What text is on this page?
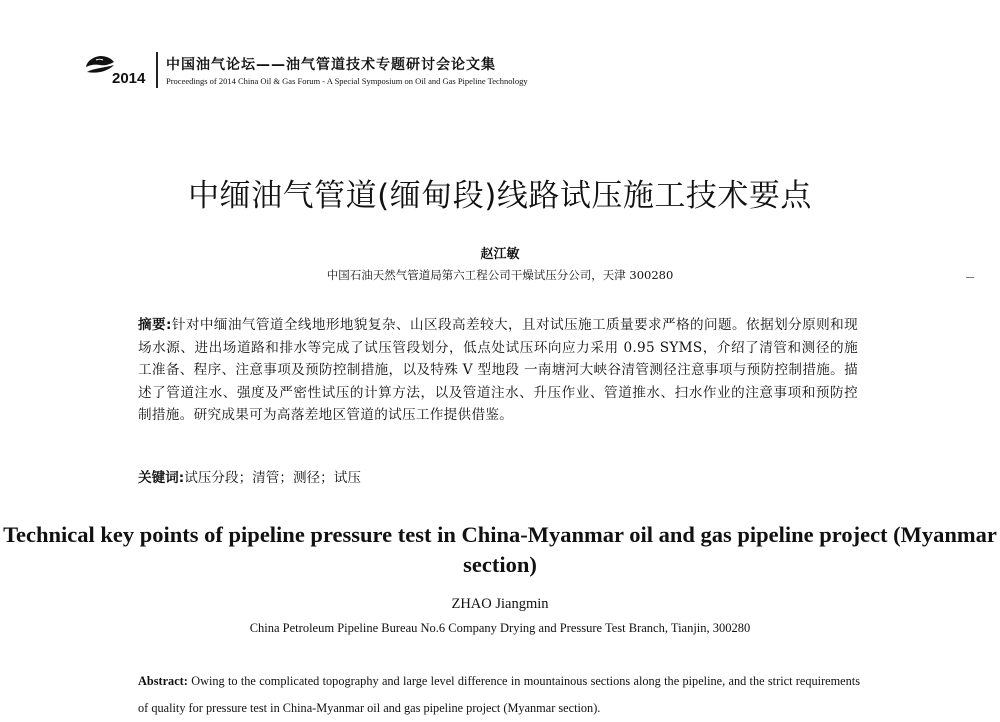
2014
中国油气论坛——油气管道技术专题研讨会论文集
Proceedings of 2014 China Oil & Gas Forum - A Special Symposium on Oil and Gas Pipeline Technology
中缅油气管道(缅甸段)线路试压施工技术要点
赵江敏
中国石油天然气管道局第六工程公司干燥试压分公司，天津 300280
摘要:针对中缅油气管道全线地形地貌复杂、山区段高差较大，且对试压施工质量要求严格的问题。依据划分原则和现场水源、进出场道路和排水等完成了试压管段划分，低点处试压环向应力采用 0.95 SYMS，介绍了清管和测径的施工准备、程序、注意事项及预防控制措施，以及特殊 V 型地段 一南塘河大峡谷清管测径注意事项与预防控制措施。描述了管道注水、强度及严密性试压的计算方法，以及管道注水、升压作业、管道推水、扫水作业的注意事项和预防控制措施。研究成果可为高落差地区管道的试压工作提供借鉴。
关键词:试压分段；清管；测径；试压
Technical key points of pipeline pressure test in China-Myanmar oil and gas pipeline project (Myanmar section)
ZHAO Jiangmin
China Petroleum Pipeline Bureau No.6 Company Drying and Pressure Test Branch, Tianjin, 300280
Abstract: Owing to the complicated topography and large level difference in mountainous sections along the pipeline, and the strict requirements of quality for pressure test in China-Myanmar oil and gas pipeline project (Myanmar section).
